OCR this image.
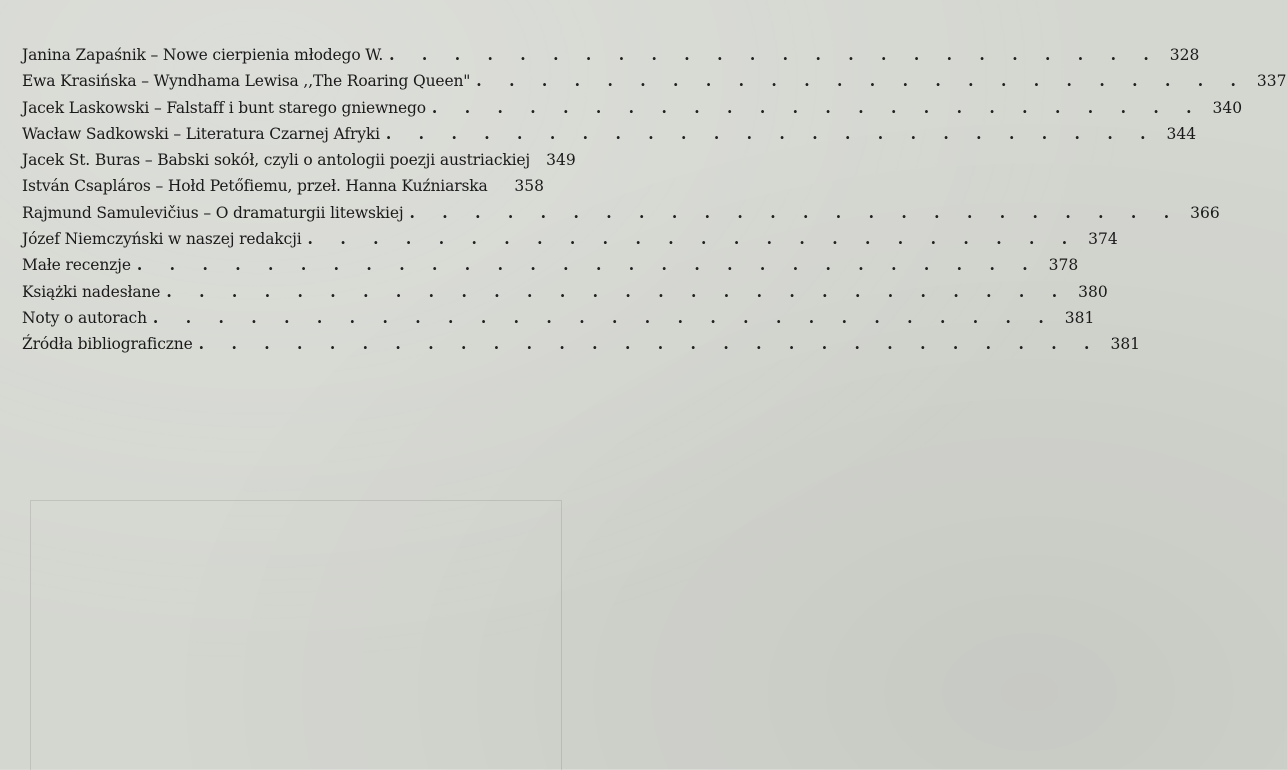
Janina Zapaśnik – Nowe cierpienia młodego W. . . . . . . . . . . . . . . . . . . . . . . . . 328
Ewa Krasińska – Wyndhama Lewisa ,,The Roaring Queen" . . . . . . . . . . . . . . . . . . . . . . . . 337
Jacek Laskowski – Falstaff i bunt starego gniewnego . . . . . . . . . . . . . . . . . . . . . . . . 340
Wacław Sadkowski – Literatura Czarnej Afryki . . . . . . . . . . . . . . . . . . . . . . . . 344
Jacek St. Buras – Babski sokół, czyli o antologii poezji austriackiej 349
István Csapláros – Hołd Petőfiemu, przeł. Hanna Kuźniarska 358
Rajmund Samulevičius – O dramaturgii litewskiej . . . . . . . . . . . . . . . . . . . . . . . . 366
Józef Niemczyński w naszej redakcji . . . . . . . . . . . . . . . . . . . . . . . . 374
Małe recenzje . . . . . . . . . . . . . . . . . . . . . . . . . . . . 378
Książki nadesłane . . . . . . . . . . . . . . . . . . . . . . . . . . . . 380
Noty o autorach . . . . . . . . . . . . . . . . . . . . . . . . . . . . 381
Źródła bibliograficzne . . . . . . . . . . . . . . . . . . . . . . . . . . . . 381
